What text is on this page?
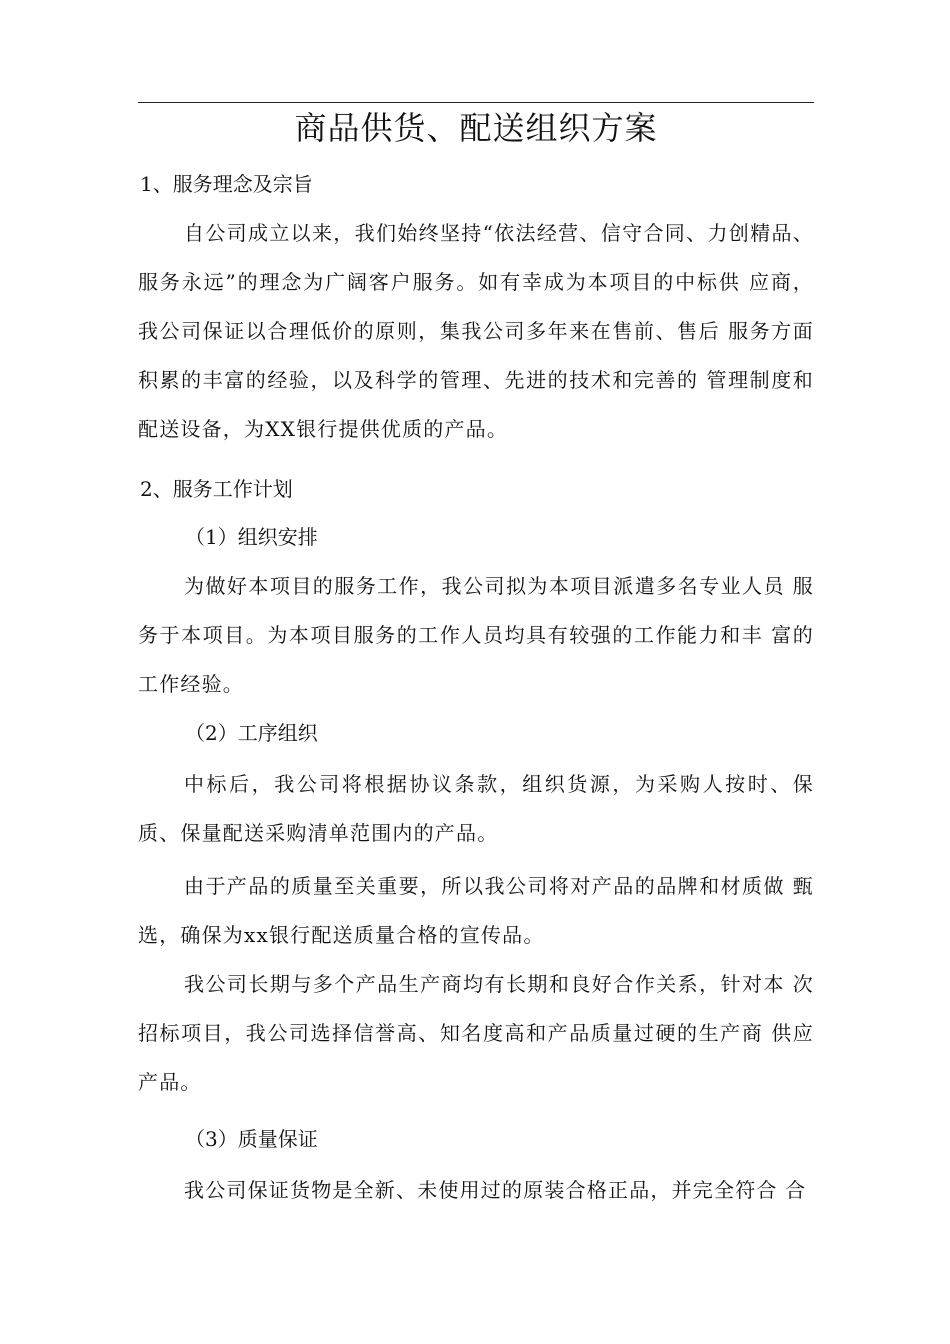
商品供货、配送组织方案

1、服务理念及宗旨

自公司成立以来，我们始终坚持“依法经营、信守合同、力创精品、服务永远”的理念为广阔客户服务。如有幸成为本项目的中标供 应商，我公司保证以合理低价的原则，集我公司多年来在售前、售后 服务方面积累的丰富的经验，以及科学的管理、先进的技术和完善的 管理制度和配送设备，为XX银行提供优质的产品。

2、服务工作计划

（1）组织安排

为做好本项目的服务工作，我公司拟为本项目派遣多名专业人员 服务于本项目。为本项目服务的工作人员均具有较强的工作能力和丰 富的工作经验。

（2）工序组织

中标后，我公司将根据协议条款，组织货源，为采购人按时、保质、保量配送采购清单范围内的产品。

由于产品的质量至关重要，所以我公司将对产品的品牌和材质做 甄选，确保为xx银行配送质量合格的宣传品。

我公司长期与多个产品生产商均有长期和良好合作关系，针对本 次招标项目，我公司选择信誉高、知名度高和产品质量过硬的生产商 供应产品。

（3）质量保证

我公司保证货物是全新、未使用过的原装合格正品，并完全符合 合
